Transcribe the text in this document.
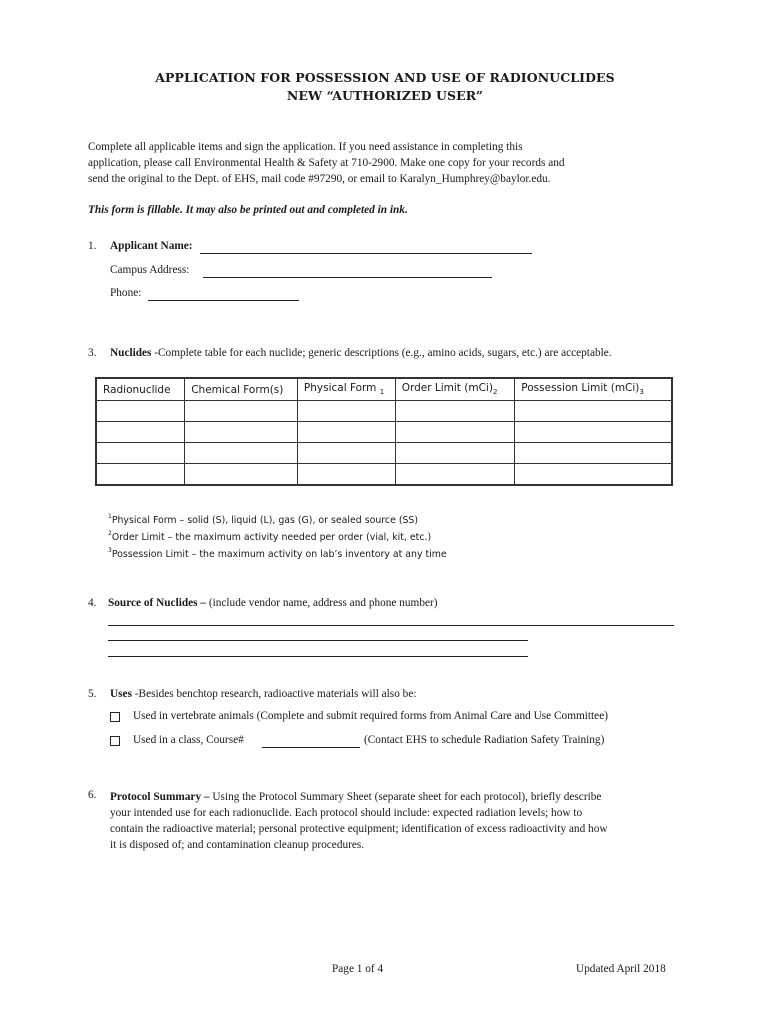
APPLICATION FOR POSSESSION AND USE OF RADIONUCLIDES
NEW “AUTHORIZED USER”
Complete all applicable items and sign the application. If you need assistance in completing this
application, please call Environmental Health & Safety at 710-2900. Make one copy for your records and
send the original to the Dept. of EHS, mail code #97290, or email to Karalyn_Humphrey@baylor.edu.
This form is fillable. It may also be printed out and completed in ink.
1. Applicant Name:
Campus Address:
Phone:
3. Nuclides -Complete table for each nuclide; generic descriptions (e.g., amino acids, sugars, etc.) are acceptable.
Radionuclide	Chemical Form(s)	Physical Form $_1$	Order Limit $(mCi)_2$	Possession Limit $(mCi)_3$

$^1$Physical Form – solid (S), liquid (L), gas (G), or sealed source (SS)
$^2$Order Limit – the maximum activity needed per order (vial, kit, etc.)
$^3$Possession Limit – the maximum activity on lab’s inventory at any time
4. Source of Nuclides – (include vendor name, address and phone number)
5. Uses -Besides benchtop research, radioactive materials will also be:
Used in vertebrate animals (Complete and submit required forms from Animal Care and Use Committee)
Used in a class, Course#	(Contact EHS to schedule Radiation Safety Training)
6. Protocol Summary – Using the Protocol Summary Sheet (separate sheet for each protocol), briefly describe
your intended use for each radionuclide. Each protocol should include: expected radiation levels; how to
contain the radioactive material; personal protective equipment; identification of excess radioactivity and how
it is disposed of; and contamination cleanup procedures.
Page 1 of 4	Updated April 2018
